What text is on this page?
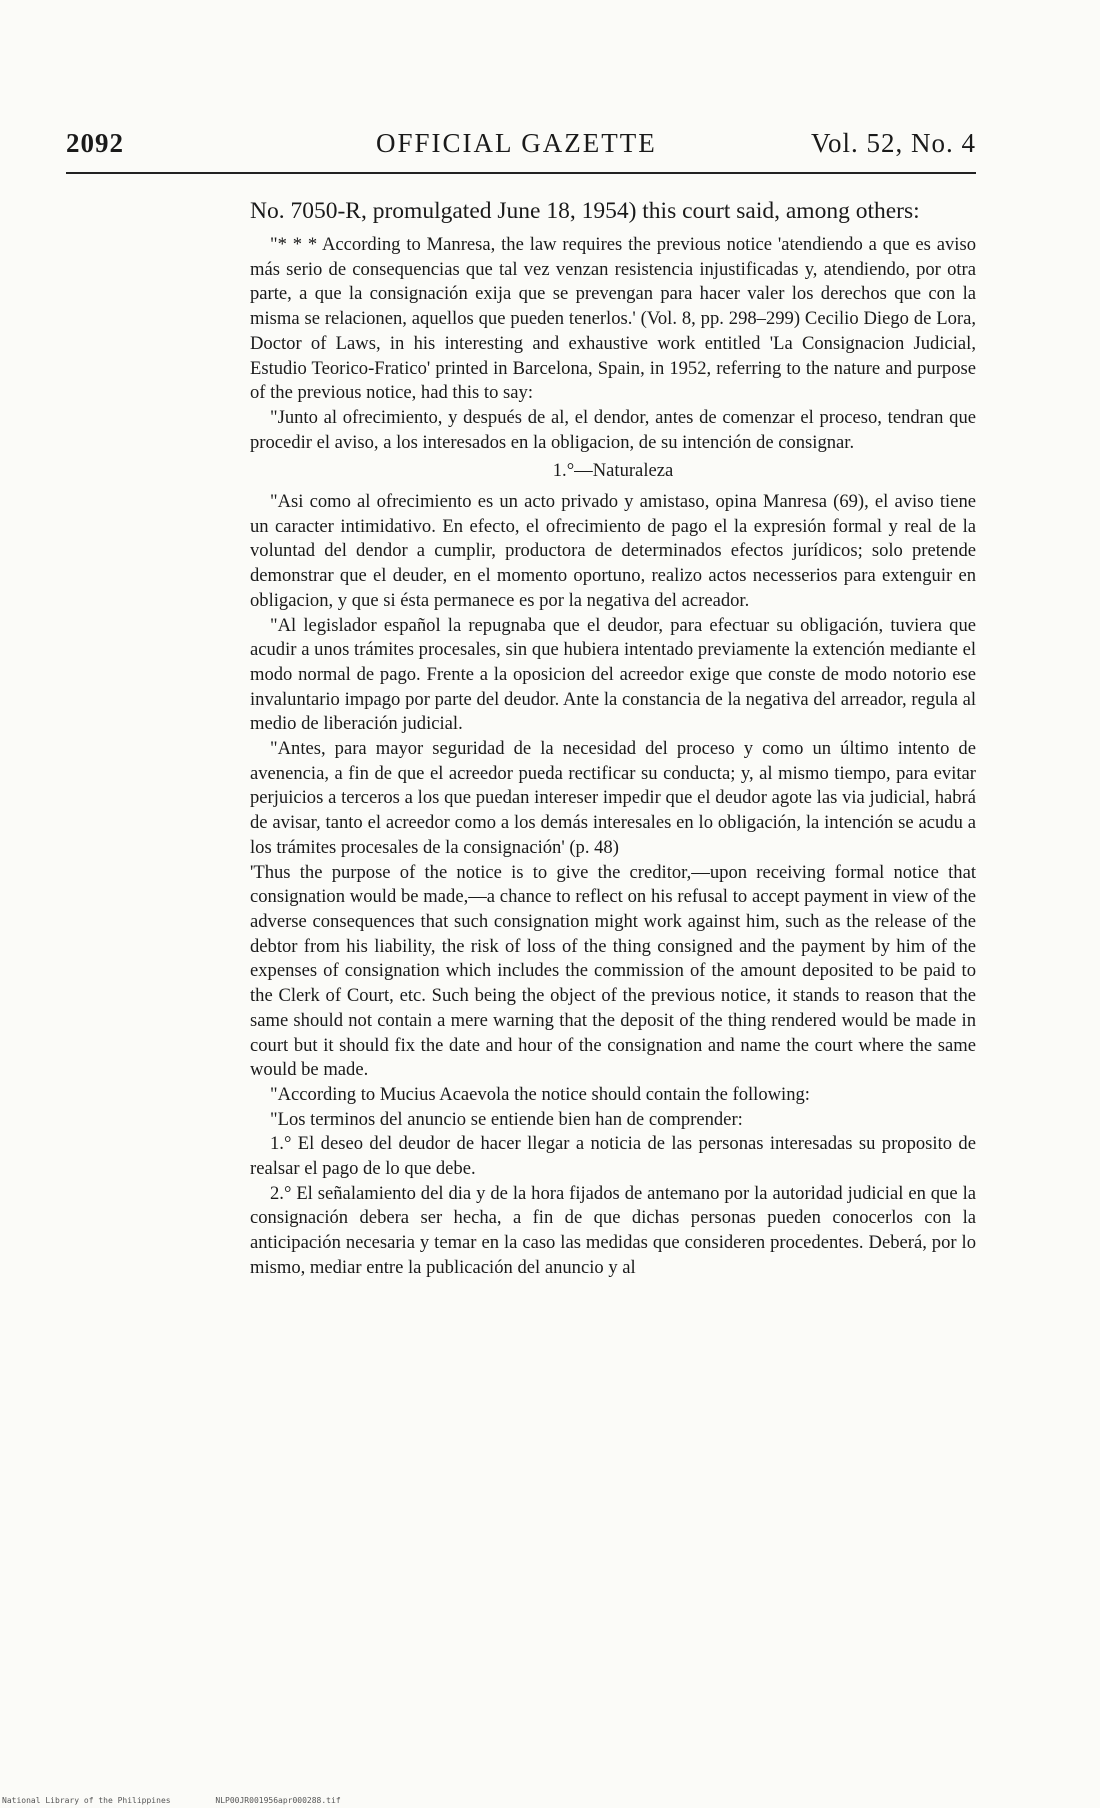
2092	OFFICIAL GAZETTE	Vol. 52, No. 4

No. 7050-R, promulgated June 18, 1954) this court said, among others:

"* * * According to Manresa, the law requires the previous notice 'atendiendo a que es aviso más serio de consequencias que tal vez venzan resistencia injustificadas y, atendiendo, por otra parte, a que la consignación exija que se prevengan para hacer valer los derechos que con la misma se relacionen, aquellos que pueden tenerlos.' (Vol. 8, pp. 298–299) Cecilio Diego de Lora, Doctor of Laws, in his interesting and exhaustive work entitled 'La Consignacion Judicial, Estudio Teorico-Fratico' printed in Barcelona, Spain, in 1952, referring to the nature and purpose of the previous notice, had this to say:

"Junto al ofrecimiento, y después de al, el dendor, antes de comenzar el proceso, tendran que procedir el aviso, a los interesados en la obligacion, de su intención de consignar.

1.°—Naturaleza

"Asi como al ofrecimiento es un acto privado y amistaso, opina Manresa (69), el aviso tiene un caracter intimidativo. En efecto, el ofrecimiento de pago el la expresión formal y real de la voluntad del dendor a cumplir, productora de determinados efectos jurídicos; solo pretende demonstrar que el deuder, en el momento oportuno, realizo actos necesserios para extenguir en obligacion, y que si ésta permanece es por la negativa del acreador.

"Al legislador español la repugnaba que el deudor, para efectuar su obligación, tuviera que acudir a unos trámites procesales, sin que hubiera intentado previamente la extención mediante el modo normal de pago. Frente a la oposicion del acreedor exige que conste de modo notorio ese invaluntario impago por parte del deudor. Ante la constancia de la negativa del arreador, regula al medio de liberación judicial.

"Antes, para mayor seguridad de la necesidad del proceso y como un último intento de avenencia, a fin de que el acreedor pueda rectificar su conducta; y, al mismo tiempo, para evitar perjuicios a terceros a los que puedan intereser impedir que el deudor agote las via judicial, habrá de avisar, tanto el acreedor como a los demás interesales en lo obligación, la intención se acudu a los trámites procesales de la consignación' (p. 48)

'Thus the purpose of the notice is to give the creditor,—upon receiving formal notice that consignation would be made,—a chance to reflect on his refusal to accept payment in view of the adverse consequences that such consignation might work against him, such as the release of the debtor from his liability, the risk of loss of the thing consigned and the payment by him of the expenses of consignation which includes the commission of the amount deposited to be paid to the Clerk of Court, etc. Such being the object of the previous notice, it stands to reason that the same should not contain a mere warning that the deposit of the thing rendered would be made in court but it should fix the date and hour of the consignation and name the court where the same would be made.

"According to Mucius Acaevola the notice should contain the following:

"Los terminos del anuncio se entiende bien han de comprender:

1.° El deseo del deudor de hacer llegar a noticia de las personas interesadas su proposito de realsar el pago de lo que debe.

2.° El señalamiento del dia y de la hora fijados de antemano por la autoridad judicial en que la consignación debera ser hecha, a fin de que dichas personas pueden conocerlos con la anticipación necesaria y temar en la caso las medidas que consideren procedentes. Deberá, por lo mismo, mediar entre la publicación del anuncio y al

National Library of the Philippines	NLP00JR001956apr000288.tif
